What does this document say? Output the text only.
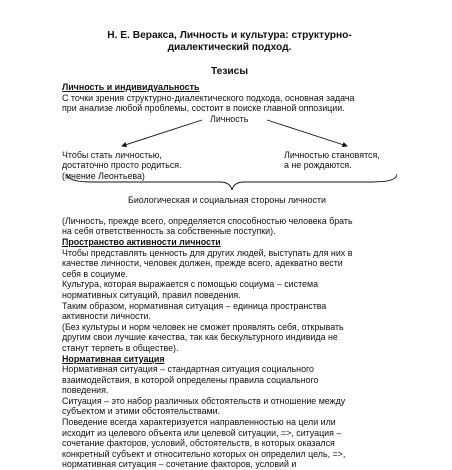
Н. Е. Веракса, Личность и культура: структурно-

диалектический подход.

Тезисы

Личность и индивидуальность

С точки зрения структурно-диалектического подхода, основная задача

при анализе любой проблемы, состоит в поиске главной оппозиции.

Личность
Чтобы стать личностью,
достаточно просто родиться.
(мнение Леонтьева)
Личностью становятся,
а не рождаются.
Биологическая и социальная стороны личности

(Личность, прежде всего, определяется способностью человека брать

на себя ответственность за собственные поступки).

Пространство активности личности

Чтобы представлять ценность для других людей, выступать для них в

качестве личности, человек должен, прежде всего, адекватно вести

себя в социуме.

Культура, которая выражается с помощью социума – система

нормативных ситуаций, правил поведения.

Таким образом, нормативная ситуация – единица пространства

активности личности.

(Без культуры и норм человек не сможет проявлять себя, открывать

другим свои лучшие качества, так как бескультурного индивида не

станут терпеть в обществе).

Нормативная ситуация

Нормативная ситуация – стандартная ситуация социального

взаимодействия, в которой определены правила социального

поведения.

Ситуация – это набор различных обстоятельств и отношение между

субъектом и этими обстоятельствами.

Поведение всегда характеризуется направленностью на цели или

исходит из целевого объекта или целевой ситуации, =>, ситуация –

сочетание факторов, условий, обстоятельств, в которых оказался

конкретный субъект и относительно которых он определил цель, =>,

нормативная ситуация – сочетание факторов, условий и
